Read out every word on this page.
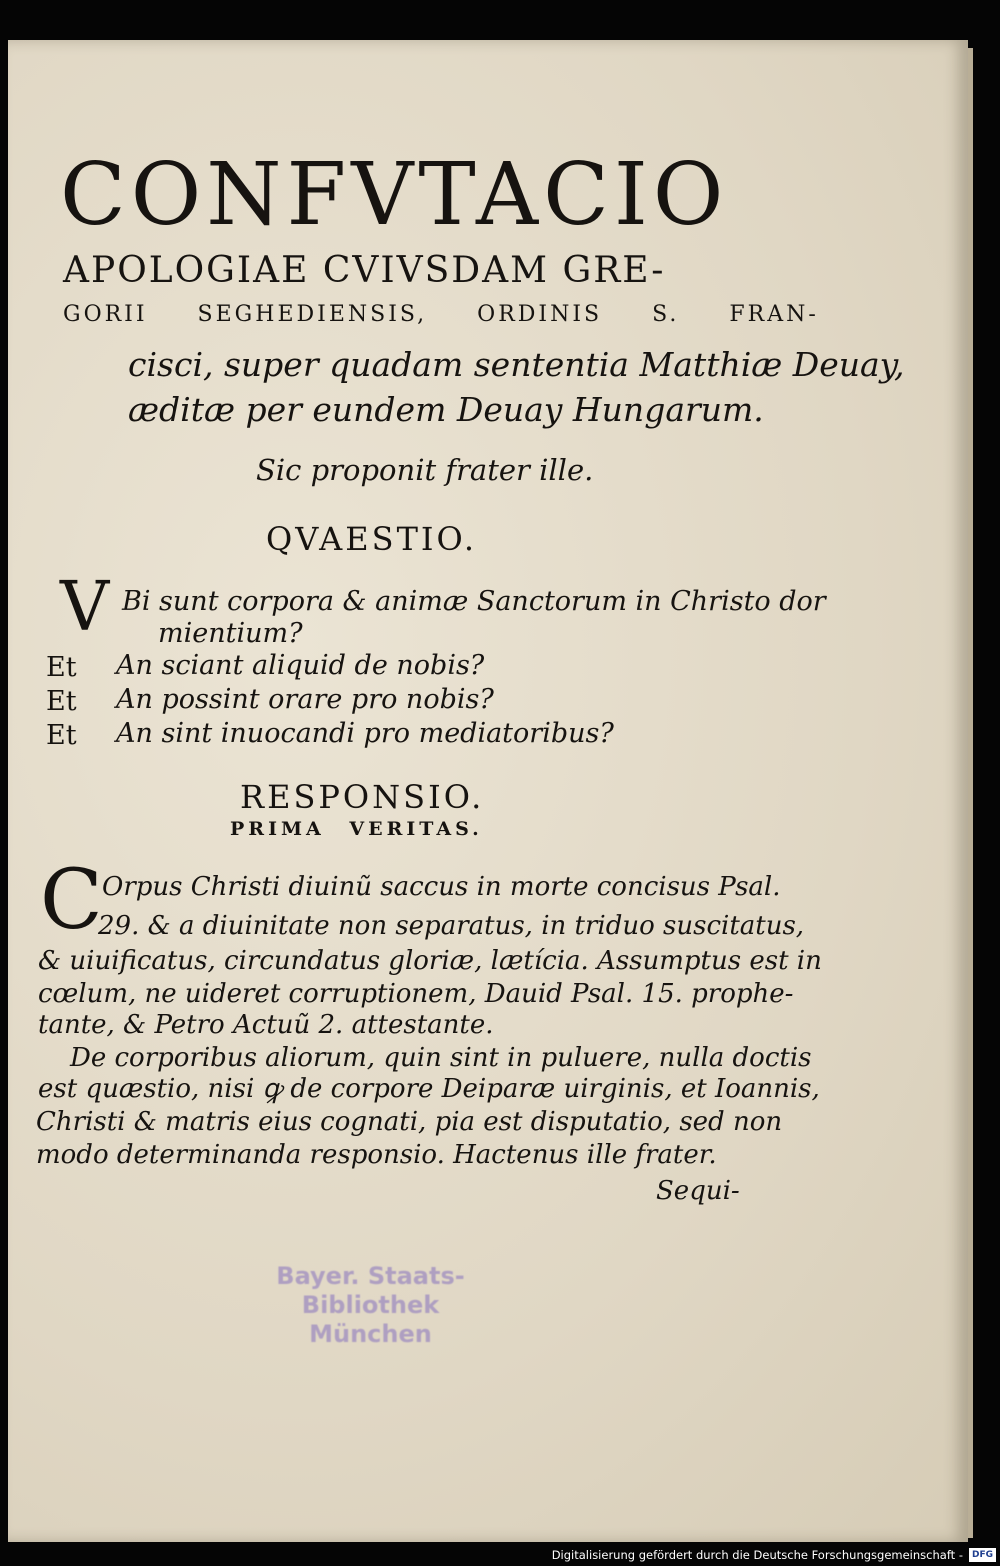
CONFVTACIO
APOLOGIAE CVIVSDAM GRE-
GORII SEGHEDIENSIS, ORDINIS S. FRAN-
cisci, super quadam sententia Matthiæ Deuay,
æditæ per eundem Deuay Hungarum.
Sic proponit frater ille.
QVAESTIO.
V Bi sunt corpora & animæ Sanctorum in Christo dor
mientium?
Et An sciant aliquid de nobis?
Et An possint orare pro nobis?
Et An sint inuocandi pro mediatoribus?
RESPONSIO.
PRIMA VERITAS.
C Orpus Christi diuinũ saccus in morte concisus Psal.
29. & a diuinitate non separatus, in triduo suscitatus,
& uiuificatus, circundatus gloriæ, lætícia. Assumptus est in
cœlum, ne uideret corruptionem, Dauid Psal. 15. prophe-
tante, & Petro Actuũ 2. attestante.
De corporibus aliorum, quin sint in puluere, nulla doctis
est quæstio, nisi ꝙ de corpore Deiparæ uirginis, et Ioannis,
Christi & matris eius cognati, pia est disputatio, sed non
modo determinanda responsio. Hactenus ille frater.
Sequi-
Bayer. Staats-
Bibliothek
München
Digitalisierung gefördert durch die Deutsche Forschungsgemeinschaft -	DFG
